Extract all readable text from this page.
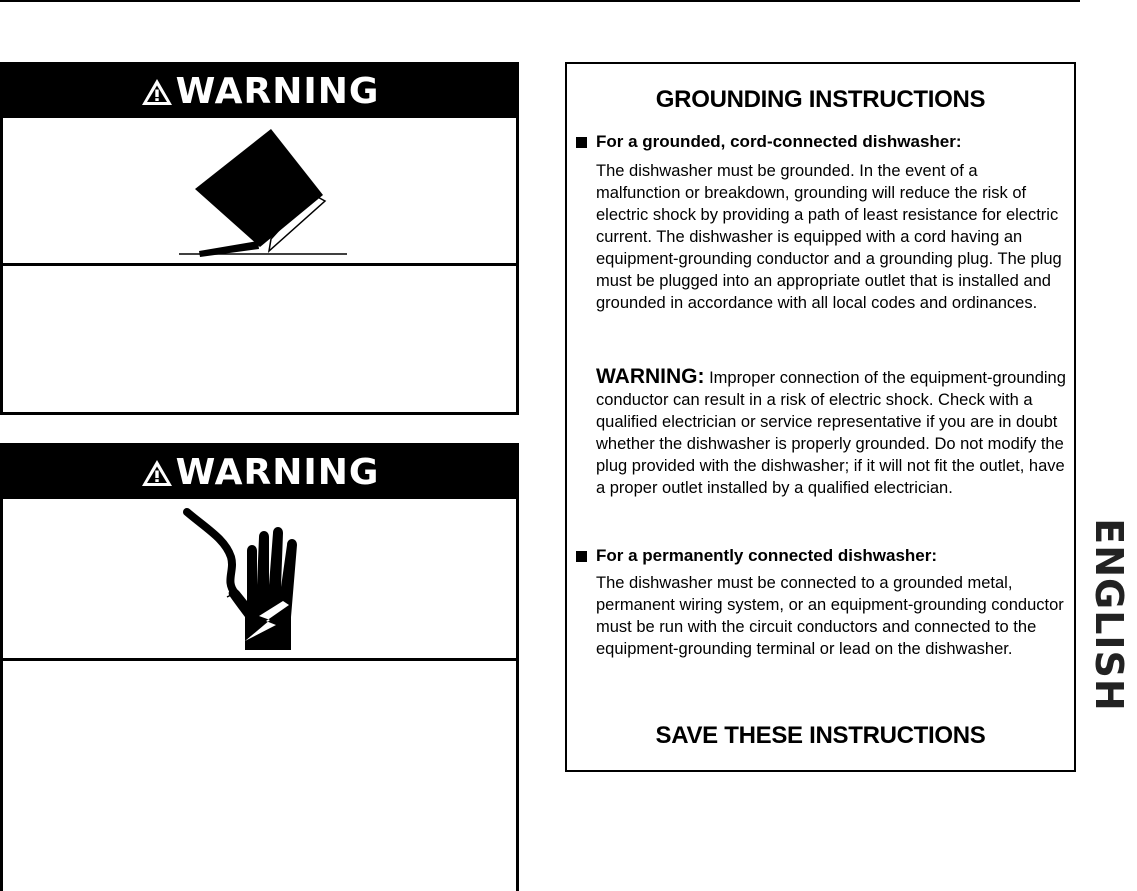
WARNING
WARNING
GROUNDING INSTRUCTIONS
For a grounded, cord-connected dishwasher:
The dishwasher must be grounded. In the event of a malfunction or breakdown, grounding will reduce the risk of electric shock by providing a path of least resistance for electric current. The dishwasher is equipped with a cord having an equipment-grounding conductor and a grounding plug. The plug must be plugged into an appropriate outlet that is installed and grounded in accordance with all local codes and ordinances.
WARNING: Improper connection of the equipment-grounding conductor can result in a risk of electric shock. Check with a qualified electrician or service representative if you are in doubt whether the dishwasher is properly grounded. Do not modify the plug provided with the dishwasher; if it will not fit the outlet, have a proper outlet installed by a qualified electrician.
For a permanently connected dishwasher:
The dishwasher must be connected to a grounded metal, permanent wiring system, or an equipment-grounding conductor must be run with the circuit conductors and connected to the equipment-grounding terminal or lead on the dishwasher.
SAVE THESE INSTRUCTIONS
ENGLISH
